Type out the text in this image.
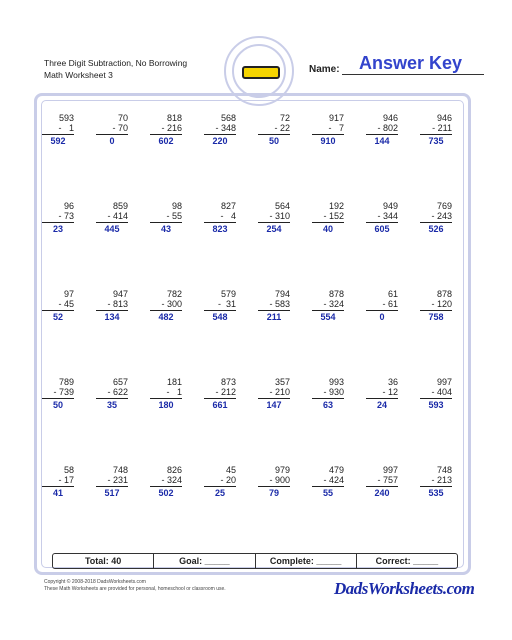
Three Digit Subtraction, No Borrowing
Math Worksheet 3	Name: Answer Key
593
-   1
592
70
- 70
0
818
- 216
602
568
- 348
220
72
- 22
50
917
-   7
910
946
- 802
144
946
- 211
735
96
- 73
23
859
- 414
445
98
- 55
43
827
-   4
823
564
- 310
254
192
- 152
40
949
- 344
605
769
- 243
526
97
- 45
52
947
- 813
134
782
- 300
482
579
-  31
548
794
- 583
211
878
- 324
554
61
- 61
0
878
- 120
758
789
- 739
50
657
- 622
35
181
-   1
180
873
- 212
661
357
- 210
147
993
- 930
63
36
- 12
24
997
- 404
593
58
- 17
41
748
- 231
517
826
- 324
502
45
- 20
25
979
- 900
79
479
- 424
55
997
- 757
240
748
- 213
535
Total: 40	Goal: _____	Complete: _____	Correct: _____
Copyright © 2008-2018 DadsWorksheets.com
These Math Worksheets are provided for personal, homeschool or classroom use.	DadsWorksheets.com
